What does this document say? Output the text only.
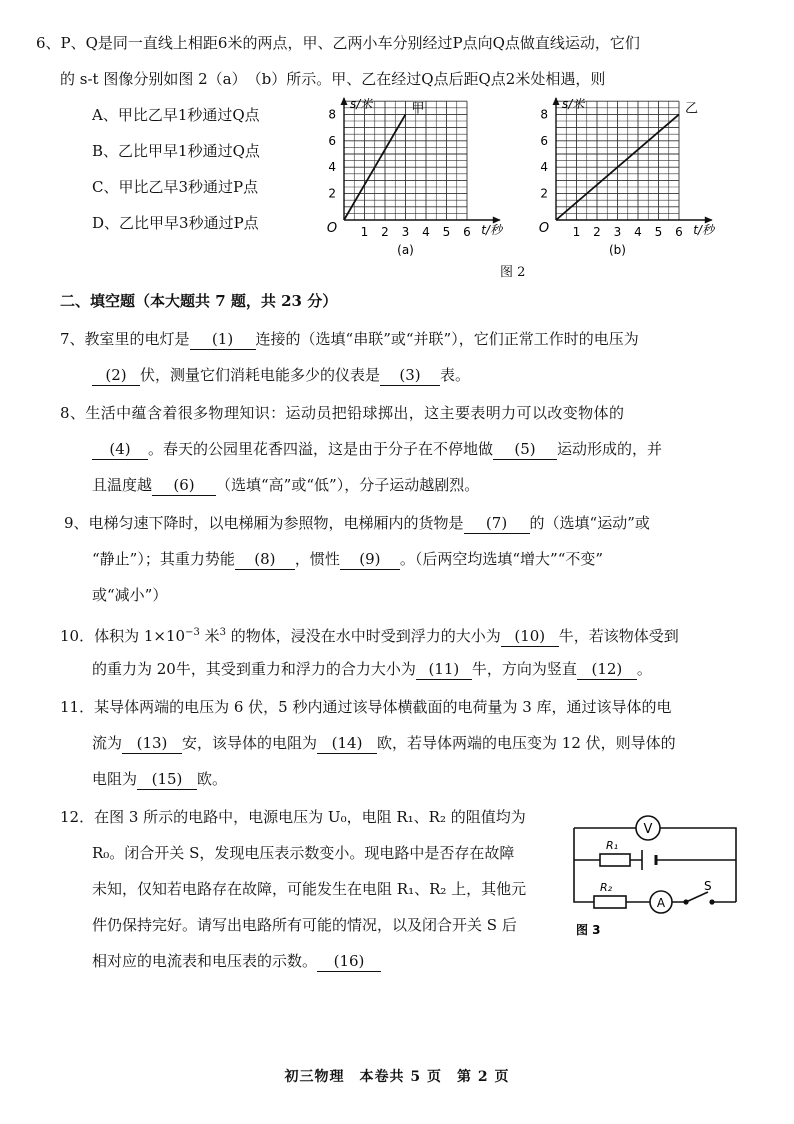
6、P、Q是同一直线上相距6米的两点，甲、乙两小车分别经过P点向Q点做直线运动，它们
的 s-t 图像分别如图 2（a）　（b）所示。甲、乙在经过Q点后距Q点2米处相遇，则
A、甲比乙早1秒通过Q点
B、乙比甲早1秒通过Q点
C、甲比乙早3秒通过P点
D、乙比甲早3秒通过P点	1 2 3 4 5 6
2
4
6
8
O
s/米
t/秒
(a)
甲
1 2 3 4 5 6
2
4
6
8
O
s/米
t/秒
(b)
乙
图 2
二、填空题（本大题共 7 题，共 23 分）
7、教室里的电灯是 (1) 连接的（选填“串联”或“并联”），它们正常工作时的电压为
(2) 伏，测量它们消耗电能多少的仪表是 (3) 表。
8、生活中蕴含着很多物理知识：运动员把铅球掷出，这主要表明力可以改变物体的
(4) 。春天的公园里花香四溢，这是由于分子在不停地做 (5) 运动形成的，并
且温度越 (6) （选填“高”或“低”），分子运动越剧烈。
9、电梯匀速下降时，以电梯厢为参照物，电梯厢内的货物是 (7) 的（选填“运动”或
“静止”）；其重力势能 (8) ，惯性 (9) 。（后两空均选填“增大”“不变”
或“减小”）
10．体积为 $1\times 10^{-3}$ 米$^3$ 的物体，浸没在水中时受到浮力的大小为 (10) 牛，若该物体受到
的重力为 20牛，其受到重力和浮力的合力大小为 (11) 牛，方向为竖直 (12) 。
11．某导体两端的电压为 6 伏，5 秒内通过该导体横截面的电荷量为 3 库，通过该导体的电
流为 (13) 安，该导体的电阻为 (14) 欧，若导体两端的电压变为 12 伏，则导体的
电阻为 (15) 欧。
12．在图 3 所示的电路中，电源电压为 U₀，电阻 R₁、R₂ 的阻值均为
R₀。闭合开关 S，发现电压表示数变小。现电路中是否存在故障
未知，仅知若电路存在故障，可能发生在电阻 R₁、R₂ 上，其他元
件仍保持完好。请写出电路所有可能的情况，以及闭合开关 S 后
相对应的电流表和电压表的示数。 (16)
V
A
R₁
R₂	S
图 3
初三物理　本卷共 5 页　第 2 页
